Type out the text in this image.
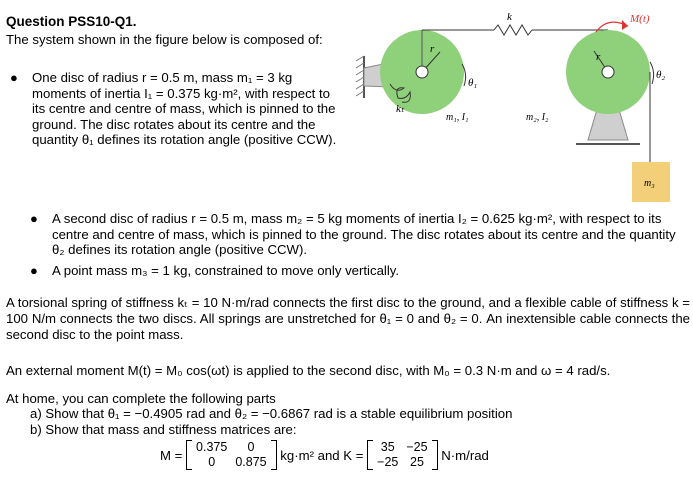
Question PSS10-Q1.
The system shown in the figure below is composed of:
● One disc of radius r = 0.5 m, mass m₁ = 3 kg moments of inertia I₁ = 0.375 kg·m², with respect to its centre and centre of mass, which is pinned to the ground. The disc rotates about its centre and the quantity θ₁ defines its rotation angle (positive CCW).
r
kₜ
θ₁
m₁, I₁
k
r
M(t)
θ₂
m₂, I₂
m₃
● A second disc of radius r = 0.5 m, mass m₂ = 5 kg moments of inertia I₂ = 0.625 kg·m², with respect to its centre and centre of mass, which is pinned to the ground. The disc rotates about its centre and the quantity θ₂ defines its rotation angle (positive CCW).
● A point mass m₃ = 1 kg, constrained to move only vertically.
A torsional spring of stiffness kₜ = 10 N·m/rad connects the first disc to the ground, and a flexible cable of stiffness k = 100 N/m connects the two discs. All springs are unstretched for θ₁ = 0 and θ₂ = 0. An inextensible cable connects the second disc to the point mass.
An external moment M(t) = M₀ cos(ωt) is applied to the second disc, with M₀ = 0.3 N·m and ω = 4 rad/s.
At home, you can complete the following parts
a) Show that θ₁ = −0.4905 rad and θ₂ = −0.6867 rad is a stable equilibrium position
b) Show that mass and stiffness matrices are:
M =
0.375	0
0	0.875 kg·m² and K =
35	−25
−25	25 N·m/rad
